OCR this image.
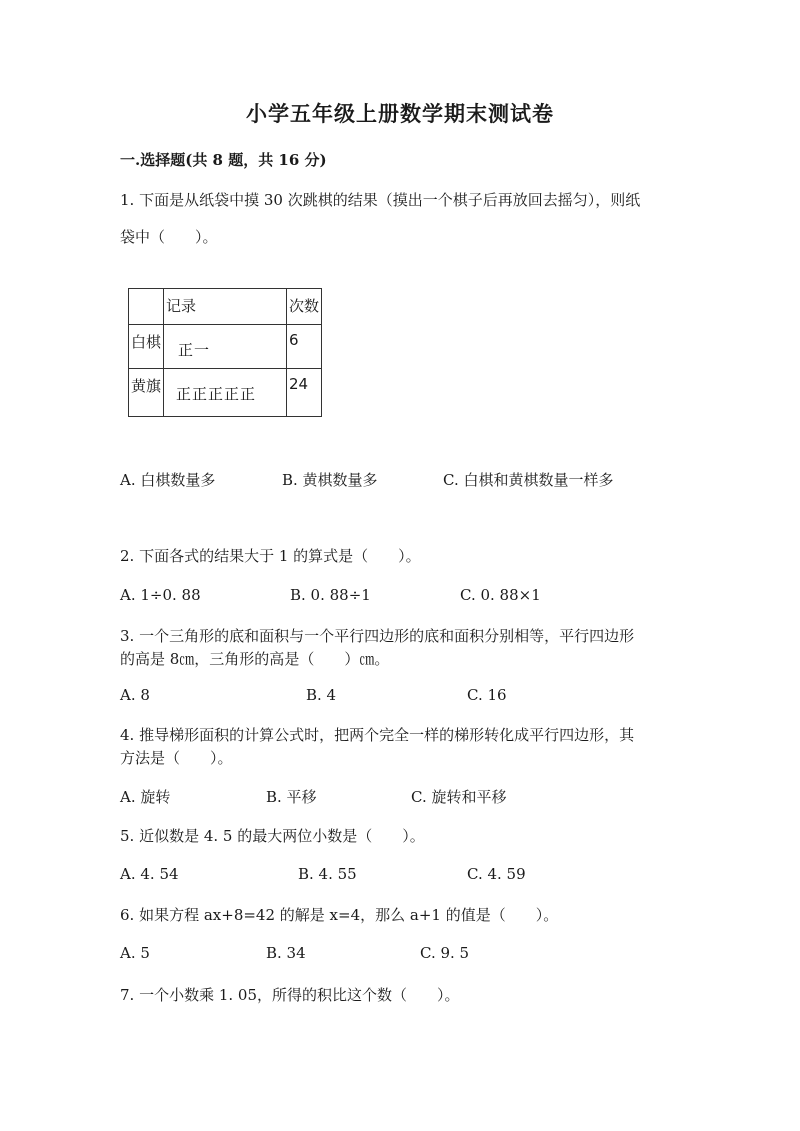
小学五年级上册数学期末测试卷
一.选择题(共 8 题，共 16 分)
1. 下面是从纸袋中摸 30 次跳棋的结果（摸出一个棋子后再放回去摇匀），则纸
袋中（　　）。
	记录	次数
白棋	正一	6
黄旗	正正正正正	24
A. 白棋数量多	B. 黄棋数量多	C. 白棋和黄棋数量一样多
2. 下面各式的结果大于 1 的算式是（　　）。
A. 1÷0. 88	B. 0. 88÷1	C. 0. 88×1
3. 一个三角形的底和面积与一个平行四边形的底和面积分别相等，平行四边形
的高是 8㎝，三角形的高是（　　）㎝。
A. 8	B. 4	C. 16
4. 推导梯形面积的计算公式时，把两个完全一样的梯形转化成平行四边形，其
方法是（　　）。
A. 旋转	B. 平移	C. 旋转和平移
5. 近似数是 4. 5 的最大两位小数是（　　）。
A. 4. 54	B. 4. 55	C. 4. 59
6. 如果方程 ax+8=42 的解是 x=4，那么 a+1 的值是（　　）。
A. 5	B. 34	C. 9. 5
7. 一个小数乘 1. 05，所得的积比这个数（　　）。
